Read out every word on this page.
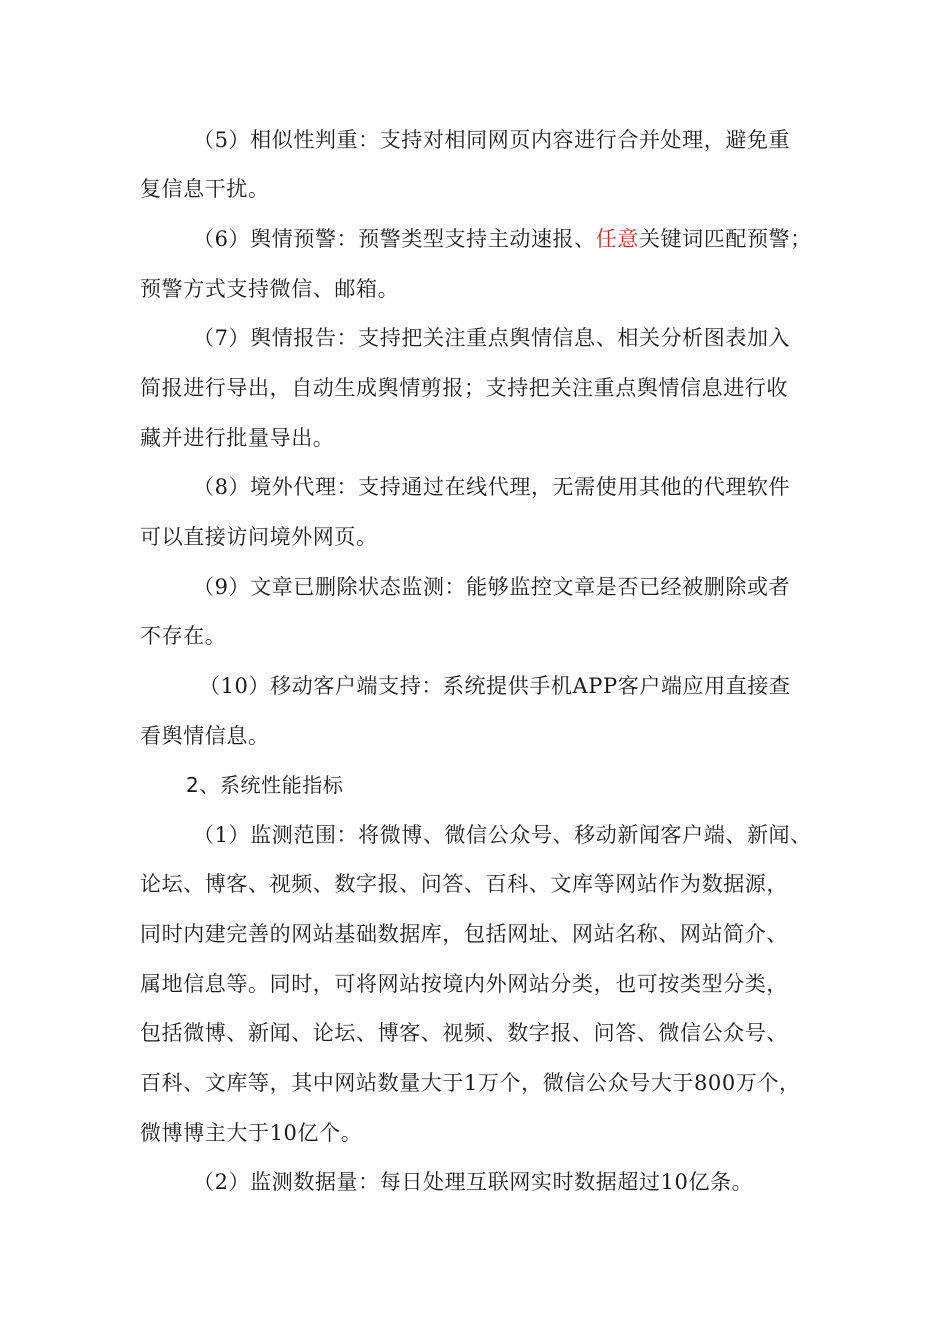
（5）相似性判重：支持对相同网页内容进行合并处理，避免重
复信息干扰。
（6）舆情预警：预警类型支持主动速报、任意关键词匹配预警；
预警方式支持微信、邮箱。
（7）舆情报告：支持把关注重点舆情信息、相关分析图表加入
简报进行导出，自动生成舆情剪报；支持把关注重点舆情信息进行收
藏并进行批量导出。
（8）境外代理：支持通过在线代理，无需使用其他的代理软件
可以直接访问境外网页。
（9）文章已删除状态监测：能够监控文章是否已经被删除或者
不存在。
（10）移动客户端支持：系统提供手机APP客户端应用直接查
看舆情信息。
2、系统性能指标
（1）监测范围：将微博、微信公众号、移动新闻客户端、新闻、
论坛、博客、视频、数字报、问答、百科、文库等网站作为数据源，
同时内建完善的网站基础数据库，包括网址、网站名称、网站简介、
属地信息等。同时，可将网站按境内外网站分类，也可按类型分类，
包括微博、新闻、论坛、博客、视频、数字报、问答、微信公众号、
百科、文库等，其中网站数量大于1万个，微信公众号大于800万个，
微博博主大于10亿个。
（2）监测数据量：每日处理互联网实时数据超过10亿条。
